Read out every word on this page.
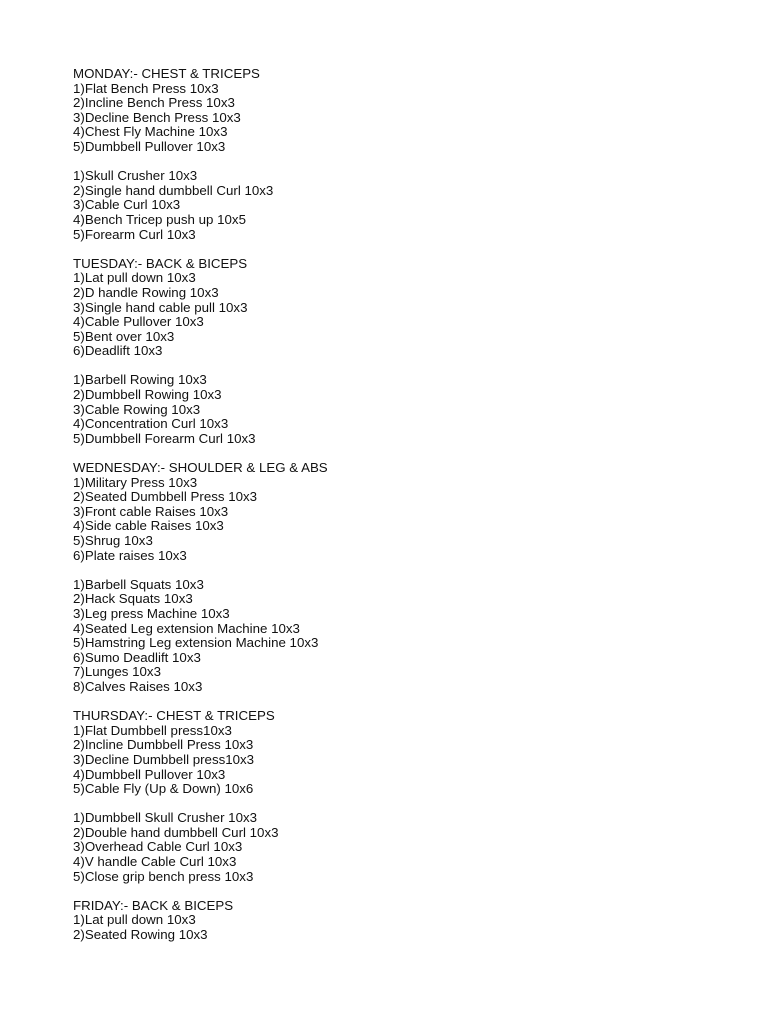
MONDAY:- CHEST & TRICEPS
1)Flat Bench Press 10x3
2)Incline Bench Press 10x3
3)Decline Bench Press 10x3
4)Chest Fly Machine 10x3
5)Dumbbell Pullover 10x3
1)Skull Crusher 10x3
2)Single hand dumbbell Curl 10x3
3)Cable Curl 10x3
4)Bench Tricep push up 10x5
5)Forearm Curl 10x3
TUESDAY:- BACK & BICEPS
1)Lat pull down 10x3
2)D handle Rowing 10x3
3)Single hand cable pull 10x3
4)Cable Pullover 10x3
5)Bent over 10x3
6)Deadlift 10x3
1)Barbell Rowing 10x3
2)Dumbbell Rowing 10x3
3)Cable Rowing 10x3
4)Concentration Curl 10x3
5)Dumbbell Forearm Curl 10x3
WEDNESDAY:- SHOULDER & LEG & ABS
1)Military Press 10x3
2)Seated Dumbbell Press 10x3
3)Front cable Raises 10x3
4)Side cable Raises 10x3
5)Shrug 10x3
6)Plate raises 10x3
1)Barbell Squats 10x3
2)Hack Squats 10x3
3)Leg press Machine 10x3
4)Seated Leg extension Machine 10x3
5)Hamstring Leg extension Machine 10x3
6)Sumo Deadlift 10x3
7)Lunges 10x3
8)Calves Raises 10x3
THURSDAY:- CHEST & TRICEPS
1)Flat Dumbbell press10x3
2)Incline Dumbbell Press 10x3
3)Decline Dumbbell press10x3
4)Dumbbell Pullover 10x3
5)Cable Fly (Up & Down) 10x6
1)Dumbbell Skull Crusher 10x3
2)Double hand dumbbell Curl 10x3
3)Overhead Cable Curl 10x3
4)V handle Cable Curl 10x3
5)Close grip bench press 10x3
FRIDAY:- BACK & BICEPS
1)Lat pull down 10x3
2)Seated Rowing 10x3
